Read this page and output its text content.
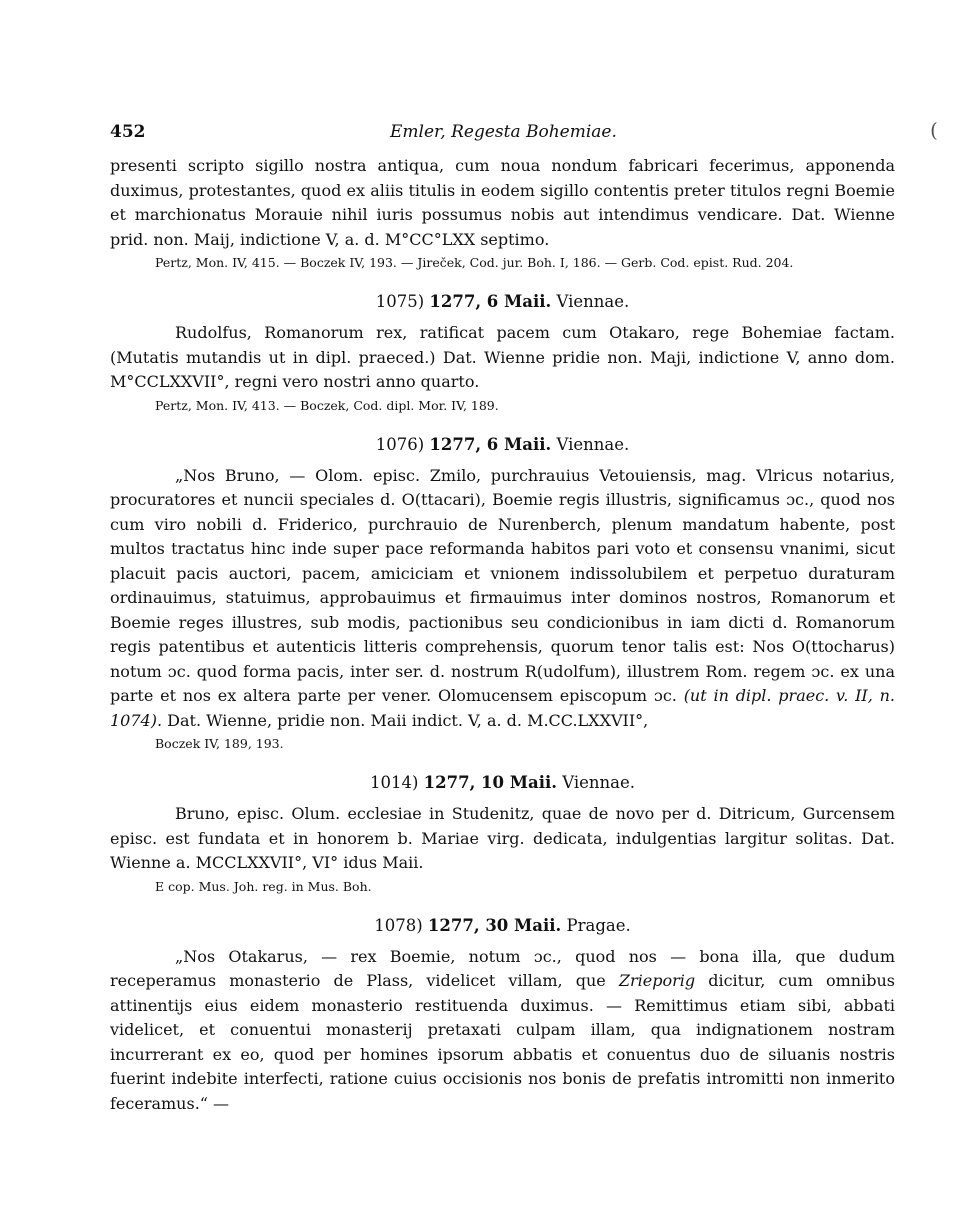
452	Emler, Regesta Bohemiae.

presenti scripto sigillo nostra antiqua, cum noua nondum fabricari fecerimus, apponenda duximus, protestantes, quod ex aliis titulis in eodem sigillo contentis preter titulos regni Boemie et marchionatus Morauie nihil iuris possumus nobis aut intendimus vendicare. Dat. Wienne prid. non. Maij, indictione V, a. d. M°CC°LXX septimo.

Pertz, Mon. IV, 415. — Boczek IV, 193. — Jireček, Cod. jur. Boh. I, 186. — Gerb. Cod. epist. Rud. 204.
1075) 1277, 6 Maii. Viennae.

Rudolfus, Romanorum rex, ratificat pacem cum Otakaro, rege Bohemiae factam. (Mutatis mutandis ut in dipl. praeced.) Dat. Wienne pridie non. Maji, indictione V, anno dom. M°CCLXXVII°, regni vero nostri anno quarto.

Pertz, Mon. IV, 413. — Boczek, Cod. dipl. Mor. IV, 189.
1076) 1277, 6 Maii. Viennae.

„Nos Bruno, — Olom. episc. Zmilo, purchrauius Vetouiensis, mag. Vlricus notarius, procuratores et nuncii speciales d. O(ttacari), Boemie regis illustris, significamus ɔc., quod nos cum viro nobili d. Friderico, purchrauio de Nurenberch, plenum mandatum habente, post multos tractatus hinc inde super pace reformanda habitos pari voto et consensu vnanimi, sicut placuit pacis auctori, pacem, amiciciam et vnionem indissolubilem et perpetuo duraturam ordinauimus, statuimus, approbauimus et firmauimus inter dominos nostros, Romanorum et Boemie reges illustres, sub modis, pactionibus seu condicionibus in iam dicti d. Romanorum regis patentibus et autenticis litteris comprehensis, quorum tenor talis est: Nos O(ttocharus) notum ɔc. quod forma pacis, inter ser. d. nostrum R(udolfum), illustrem Rom. regem ɔc. ex una parte et nos ex altera parte per vener. Olomucensem episcopum ɔc. (ut in dipl. praec. v. II, n. 1074). Dat. Wienne, pridie non. Maii indict. V, a. d. M.CC.LXXVII°,

Boczek IV, 189, 193.
1014) 1277, 10 Maii. Viennae.

Bruno, episc. Olum. ecclesiae in Studenitz, quae de novo per d. Ditricum, Gurcensem episc. est fundata et in honorem b. Mariae virg. dedicata, indulgentias largitur solitas. Dat. Wienne a. MCCLXXVII°, VI° idus Maii.

E cop. Mus. Joh. reg. in Mus. Boh.
1078) 1277, 30 Maii. Pragae.

„Nos Otakarus, — rex Boemie, notum ɔc., quod nos — bona illa, que dudum receperamus monasterio de Plass, videlicet villam, que Zrieporig dicitur, cum omnibus attinentijs eius eidem monasterio restituenda duximus. — Remittimus etiam sibi, abbati videlicet, et conuentui monasterij pretaxati culpam illam, qua indignationem nostram incurrerant ex eo, quod per homines ipsorum abbatis et conuentus duo de siluanis nostris fuerint indebite interfecti, ratione cuius occisionis nos bonis de prefatis intromitti non inmerito feceramus.“ —

(
